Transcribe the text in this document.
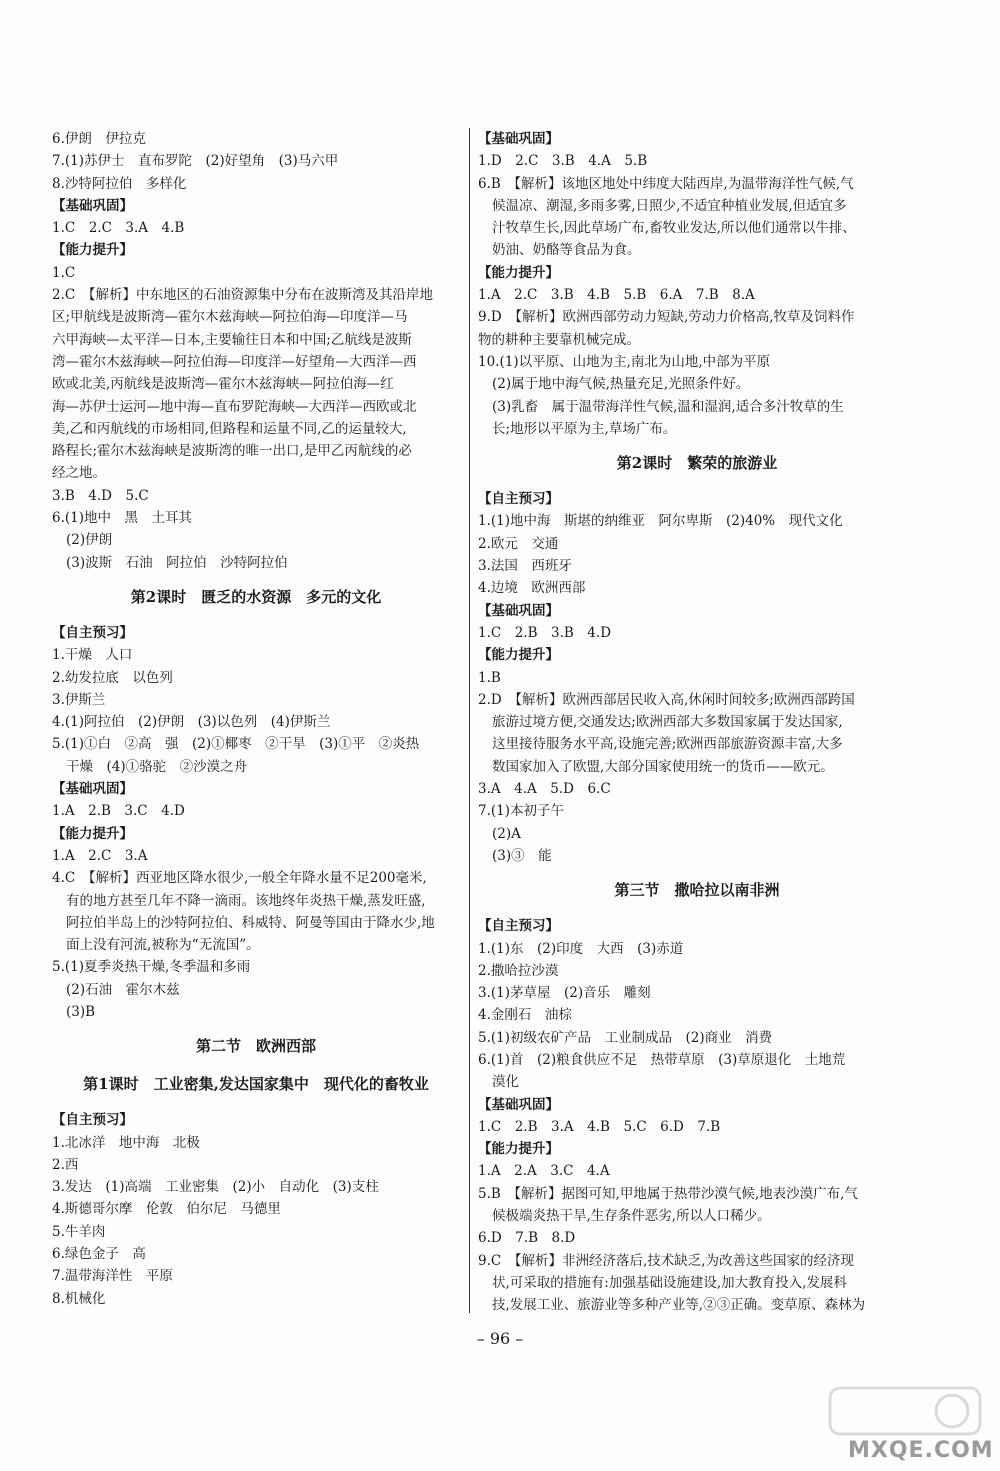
6.伊朗　伊拉克
7.(1)苏伊士　直布罗陀　(2)好望角　(3)马六甲
8.沙特阿拉伯　多样化
【基础巩固】
1.C　2.C　3.A　4.B
【能力提升】
1.C
2.C　【解析】中东地区的石油资源集中分布在波斯湾及其沿岸地
区;甲航线是波斯湾—霍尔木兹海峡—阿拉伯海—印度洋—马
六甲海峡—太平洋—日本,主要输往日本和中国;乙航线是波斯
湾—霍尔木兹海峡—阿拉伯海—印度洋—好望角—大西洋—西
欧或北美,丙航线是波斯湾—霍尔木兹海峡—阿拉伯海—红
海—苏伊士运河—地中海—直布罗陀海峡—大西洋—西欧或北
美,乙和丙航线的市场相同,但路程和运量不同,乙的运量较大,
路程长;霍尔木兹海峡是波斯湾的唯一出口,是甲乙丙航线的必
经之地。
3.B　4.D　5.C
6.(1)地中　黑　土耳其
(2)伊朗
(3)波斯　石油　阿拉伯　沙特阿拉伯
第2课时　匮乏的水资源　多元的文化
【自主预习】
1.干燥　人口
2.幼发拉底　以色列
3.伊斯兰
4.(1)阿拉伯　(2)伊朗　(3)以色列　(4)伊斯兰
5.(1)①白　②高　强　(2)①椰枣　②干旱　(3)①平　②炎热
干燥　(4)①骆驼　②沙漠之舟
【基础巩固】
1.A　2.B　3.C　4.D
【能力提升】
1.A　2.C　3.A
4.C　【解析】西亚地区降水很少,一般全年降水量不足200毫米,
有的地方甚至几年不降一滴雨。该地终年炎热干燥,蒸发旺盛,
阿拉伯半岛上的沙特阿拉伯、科威特、阿曼等国由于降水少,地
面上没有河流,被称为“无流国”。
5.(1)夏季炎热干燥,冬季温和多雨
(2)石油　霍尔木兹
(3)B
第二节　欧洲西部
第1课时　工业密集,发达国家集中　现代化的畜牧业
【自主预习】
1.北冰洋　地中海　北极
2.西
3.发达　(1)高端　工业密集　(2)小　自动化　(3)支柱
4.斯德哥尔摩　伦敦　伯尔尼　马德里
5.牛羊肉
6.绿色金子　高
7.温带海洋性　平原
8.机械化
【基础巩固】
1.D　2.C　3.B　4.A　5.B
6.B　【解析】该地区地处中纬度大陆西岸,为温带海洋性气候,气
候温凉、潮湿,多雨多雾,日照少,不适宜种植业发展,但适宜多
汁牧草生长,因此草场广布,畜牧业发达,所以他们通常以牛排、
奶油、奶酪等食品为食。
【能力提升】
1.A　2.C　3.B　4.B　5.B　6.A　7.B　8.A
9.D　【解析】欧洲西部劳动力短缺,劳动力价格高,牧草及饲料作
物的耕种主要靠机械完成。
10.(1)以平原、山地为主,南北为山地,中部为平原
(2)属于地中海气候,热量充足,光照条件好。
(3)乳畜　属于温带海洋性气候,温和湿润,适合多汁牧草的生
长;地形以平原为主,草场广布。
第2课时　繁荣的旅游业
【自主预习】
1.(1)地中海　斯堪的纳维亚　阿尔卑斯　(2)40%　现代文化
2.欧元　交通
3.法国　西班牙
4.边境　欧洲西部
【基础巩固】
1.C　2.B　3.B　4.D
【能力提升】
1.B
2.D　【解析】欧洲西部居民收入高,休闲时间较多;欧洲西部跨国
旅游过境方便,交通发达;欧洲西部大多数国家属于发达国家,
这里接待服务水平高,设施完善;欧洲西部旅游资源丰富,大多
数国家加入了欧盟,大部分国家使用统一的货币——欧元。
3.A　4.A　5.D　6.C
7.(1)本初子午
(2)A
(3)③　能
第三节　撒哈拉以南非洲
【自主预习】
1.(1)东　(2)印度　大西　(3)赤道
2.撒哈拉沙漠
3.(1)茅草屋　(2)音乐　雕刻
4.金刚石　油棕
5.(1)初级农矿产品　工业制成品　(2)商业　消费
6.(1)首　(2)粮食供应不足　热带草原　(3)草原退化　土地荒
漠化
【基础巩固】
1.C　2.B　3.A　4.B　5.C　6.D　7.B
【能力提升】
1.A　2.A　3.C　4.A
5.B　【解析】据图可知,甲地属于热带沙漠气候,地表沙漠广布,气
候极端炎热干旱,生存条件恶劣,所以人口稀少。
6.D　7.B　8.D
9.C　【解析】非洲经济落后,技术缺乏,为改善这些国家的经济现
状,可采取的措施有:加强基础设施建设,加大教育投入,发展科
技,发展工业、旅游业等多种产业等,②③正确。变草原、森林为
– 96 –
MXQE.COM
